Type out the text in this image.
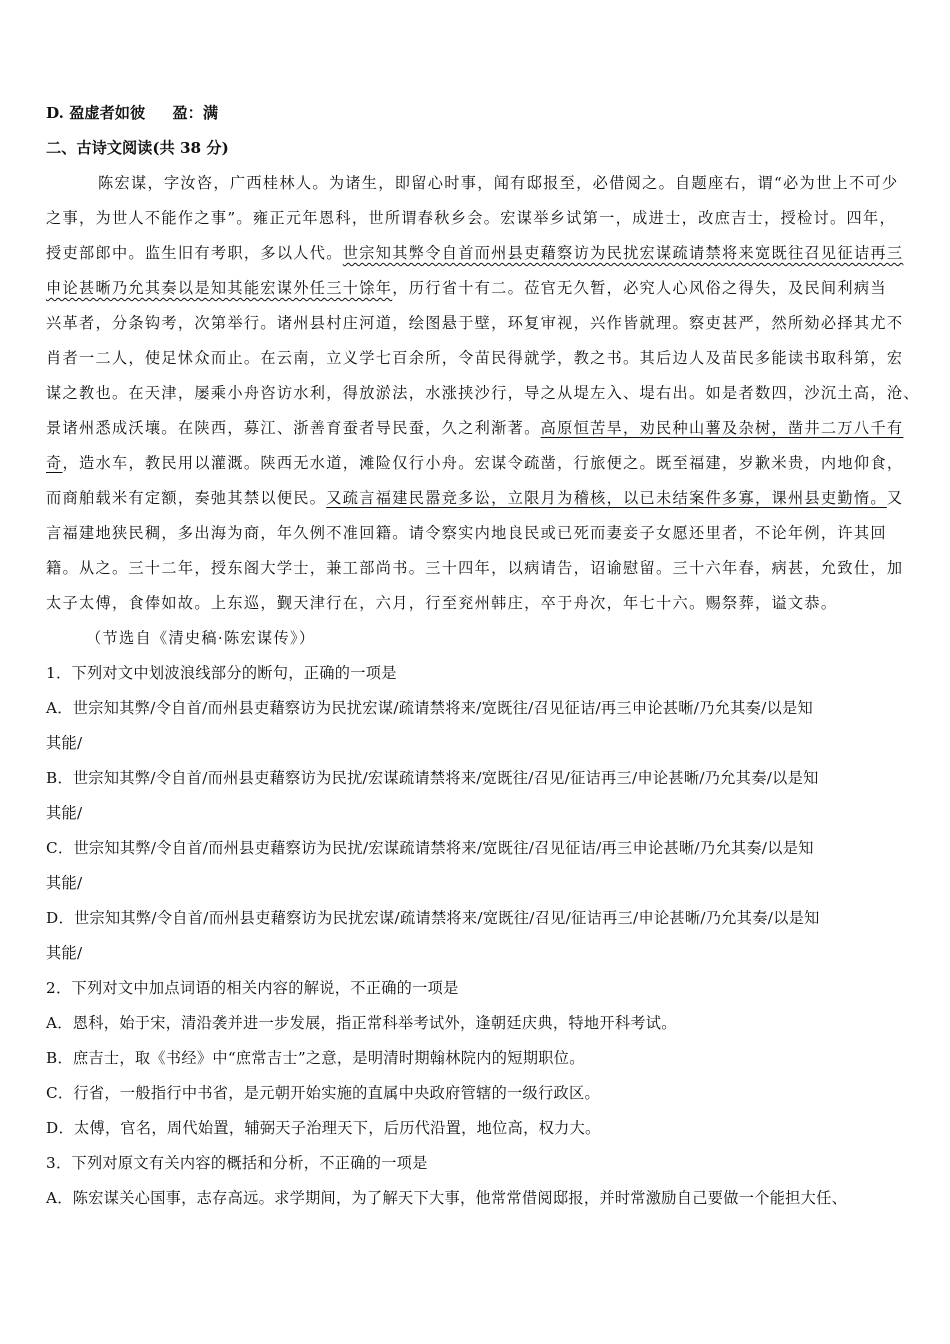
D. 盈虚者如彼 盈：满
二、古诗文阅读(共 38 分)
陈宏谋，字汝咨，广西桂林人。为诸生，即留心时事，闻有邸报至，必借阅之。自题座右，谓“必为世上不可少
之事，为世人不能作之事”。雍正元年恩科，世所谓春秋乡会。宏谋举乡试第一，成进士，改庶吉士，授检讨。四年，
授吏部郎中。监生旧有考职，多以人代。世宗知其弊令自首而州县吏藉察访为民扰宏谋疏请禁将来宽既往召见征诘再三
申论甚晰乃允其奏以是知其能宏谋外任三十馀年，历行省十有二。莅官无久暂，必究人心风俗之得失，及民间利病当
兴革者，分条钩考，次第举行。诸州县村庄河道，绘图悬于壁，环复审视，兴作皆就理。察吏甚严，然所劾必择其尤不
肖者一二人，使足怵众而止。在云南，立义学七百余所，令苗民得就学，教之书。其后边人及苗民多能读书取科第，宏
谋之教也。在天津，屡乘小舟咨访水利，得放淤法，水涨挟沙行，导之从堤左入、堤右出。如是者数四，沙沉土高，沧、
景诸州悉成沃壤。在陕西，募江、浙善育蚕者导民蚕，久之利渐著。高原恒苦旱，劝民种山薯及杂树，凿井二万八千有
奇，造水车，教民用以灌溉。陕西无水道，滩险仅行小舟。宏谋令疏凿，行旅便之。既至福建，岁歉米贵，内地仰食，
而商舶载米有定额，奏弛其禁以便民。又疏言福建民嚣竞多讼，立限月为稽核，以已未结案件多寡，课州县吏勤惰。又
言福建地狭民稠，多出海为商，年久例不准回籍。请令察实内地良民或已死而妻妾子女愿还里者，不论年例，许其回
籍。从之。三十二年，授东阁大学士，兼工部尚书。三十四年，以病请告，诏谕慰留。三十六年春，病甚，允致仕，加
太子太傅，食俸如故。上东巡，觐天津行在，六月，行至兖州韩庄，卒于舟次，年七十六。赐祭葬，谥文恭。
（节选自《清史稿·陈宏谋传》）
1．下列对文中划波浪线部分的断句，正确的一项是
A．世宗知其弊/令自首/而州县吏藉察访为民扰宏谋/疏请禁将来/宽既往/召见征诘/再三申论甚晰/乃允其奏/以是知
其能/
B．世宗知其弊/令自首/而州县吏藉察访为民扰/宏谋疏请禁将来/宽既往/召见/征诘再三/申论甚晰/乃允其奏/以是知
其能/
C．世宗知其弊/令自首/而州县吏藉察访为民扰/宏谋疏请禁将来/宽既往/召见征诘/再三申论甚晰/乃允其奏/以是知
其能/
D．世宗知其弊/令自首/而州县吏藉察访为民扰宏谋/疏请禁将来/宽既往/召见/征诘再三/申论甚晰/乃允其奏/以是知
其能/
2．下列对文中加点词语的相关内容的解说，不正确的一项是
A．恩科，始于宋，清沿袭并进一步发展，指正常科举考试外，逢朝廷庆典，特地开科考试。
B．庶吉士，取《书经》中“庶常吉士”之意，是明清时期翰林院内的短期职位。
C．行省，一般指行中书省，是元朝开始实施的直属中央政府管辖的一级行政区。
D．太傅，官名，周代始置，辅弼天子治理天下，后历代沿置，地位高，权力大。
3．下列对原文有关内容的概括和分析，不正确的一项是
A．陈宏谋关心国事，志存高远。求学期间，为了解天下大事，他常常借阅邸报，并时常激励自己要做一个能担大任、
